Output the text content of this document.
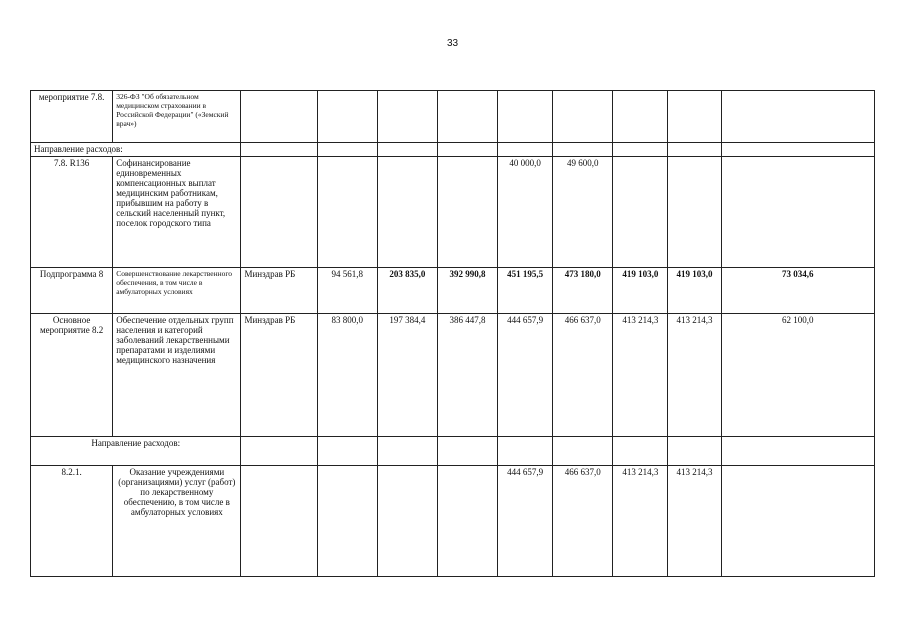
33
мероприятие 7.8.	326-ФЗ "Об обязательном медицинском страховании в Российской Федерации" («Земский врач»)									
Направление расходов:										
7.8. R136	Софинансирование единовременных компенсационных выплат медицинским работникам, прибывшим на работу в сельский населенный пункт, поселок городского типа					40 000,0	49 600,0			
Подпрограмма 8	Совершенствование лекарственного обеспечения, в том числе в амбулаторных условиях	Минздрав РБ	94 561,8	203 835,0	392 990,8	451 195,5	473 180,0	419 103,0	419 103,0	73 034,6
Основное мероприятие 8.2	Обеспечение отдельных групп населения и категорий заболеваний лекарственными препаратами и изделиями медицинского назначения	Минздрав РБ	83 800,0	197 384,4	386 447,8	444 657,9	466 637,0	413 214,3	413 214,3	62 100,0
Направление расходов:										
8.2.1.	Оказание учреждениями (организациями) услуг (работ) по лекарственному обеспечению, в том числе в амбулаторных условиях					444 657,9	466 637,0	413 214,3	413 214,3	
